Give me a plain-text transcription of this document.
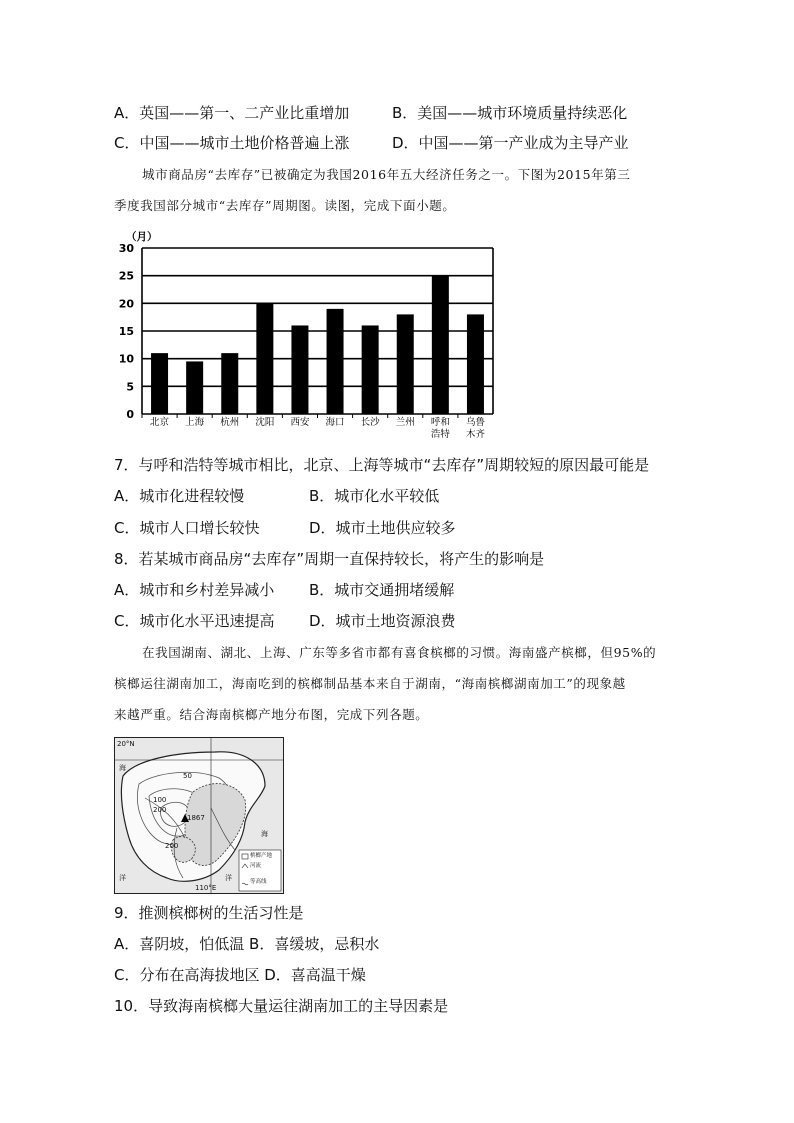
A．英国——第一、二产业比重增加	B．美国——城市环境质量持续恶化
C．中国——城市土地价格普遍上涨	D．中国——第一产业成为主导产业
城市商品房“去库存”已被确定为我国2016年五大经济任务之一。下图为2015年第三
季度我国部分城市“去库存”周期图。读图，完成下面小题。
0
5
10
15
20
25
30
（月）
北京 上海 杭州 沈阳 西安 海口 长沙 兰州 呼和
浩特
乌鲁
木齐
7．与呼和浩特等城市相比，北京、上海等城市“去库存”周期较短的原因最可能是
A．城市化进程较慢	B．城市化水平较低
C．城市人口增长较快	D．城市土地供应较多
8．若某城市商品房“去库存”周期一直保持较长，将产生的影响是
A．城市和乡村差异减小 B．城市交通拥堵缓解
C．城市化水平迅速提高 D．城市土地资源浪费
在我国湖南、湖北、上海、广东等多省市都有喜食槟榔的习惯。海南盛产槟榔，但95%的
槟榔运往湖南加工，海南吃到的槟榔制品基本来自于湖南，“海南槟榔湖南加工”的现象越
来越严重。结合海南槟榔产地分布图，完成下列各题。
20°N
海
海
洋	洋
50
100
200
200
1867
110°E
槟榔产地
河流
等高线
9．推测槟榔树的生活习性是
A．喜阴坡，怕低温 B．喜缓坡，忌积水
C．分布在高海拔地区 D．喜高温干燥
10．导致海南槟榔大量运往湖南加工的主导因素是
